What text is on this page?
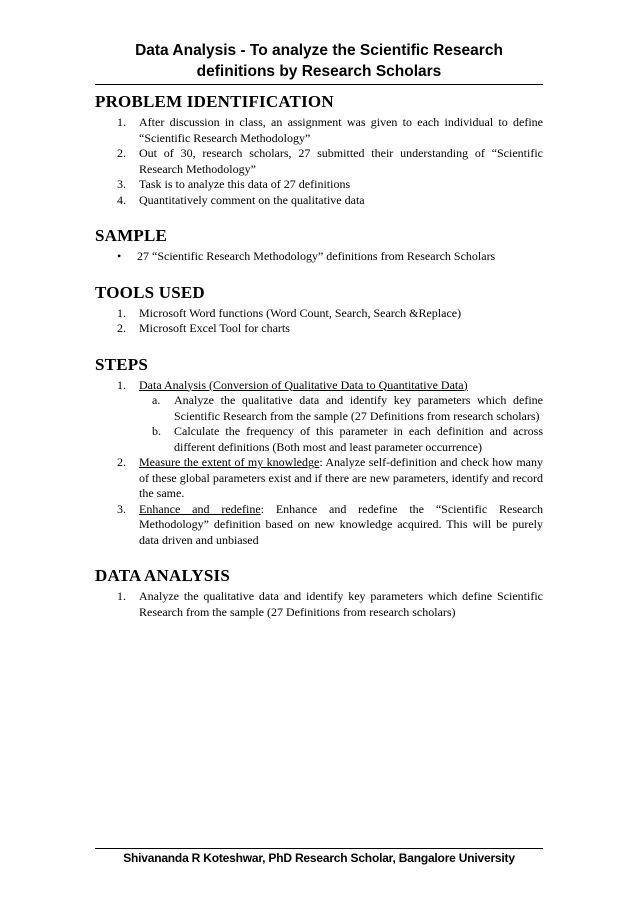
Data Analysis - To analyze the Scientific Research
definitions by Research Scholars
PROBLEM IDENTIFICATION
1.	After discussion in class, an assignment was given to each individual to define “Scientific Research Methodology”
2.	Out of 30, research scholars, 27 submitted their understanding of “Scientific Research Methodology”
3.	Task is to analyze this data of 27 definitions
4.	Quantitatively comment on the qualitative data
SAMPLE
•	27 “Scientific Research Methodology” definitions from Research Scholars
TOOLS USED
1.	Microsoft Word functions (Word Count, Search, Search &Replace)
2.	Microsoft Excel Tool for charts
STEPS
1.	Data Analysis (Conversion of Qualitative Data to Quantitative Data)
a.	Analyze the qualitative data and identify key parameters which define Scientific Research from the sample (27 Definitions from research scholars)
b.	Calculate the frequency of this parameter in each definition and across different definitions (Both most and least parameter occurrence)
2.	Measure the extent of my knowledge: Analyze self-definition and check how many of these global parameters exist and if there are new parameters, identify and record the same.
3.	Enhance and redefine: Enhance and redefine the “Scientific Research Methodology” definition based on new knowledge acquired. This will be purely data driven and unbiased
DATA ANALYSIS
1.	Analyze the qualitative data and identify key parameters which define Scientific Research from the sample (27 Definitions from research scholars)
Shivananda R Koteshwar, PhD Research Scholar, Bangalore University
